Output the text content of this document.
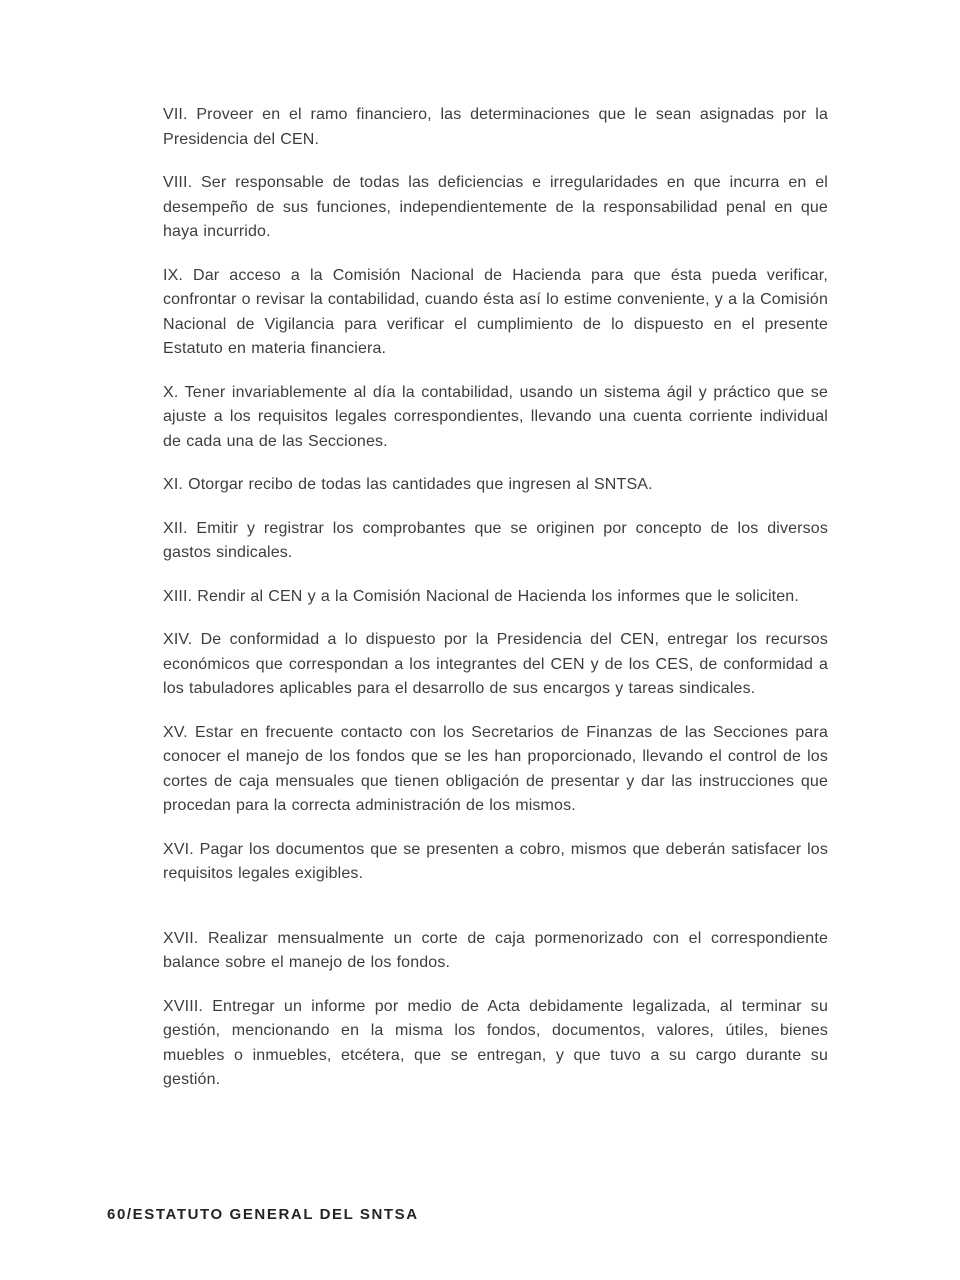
VII. Proveer en el ramo financiero, las determinaciones que le sean asignadas por la Presidencia del CEN.

VIII. Ser responsable de todas las deficiencias e irregularidades en que incurra en el desempeño de sus funciones, independientemente de la responsabilidad penal en que haya incurrido.

IX. Dar acceso a la Comisión Nacional de Hacienda para que ésta pueda verificar, confrontar o revisar la contabilidad, cuando ésta así lo estime conveniente, y a la Comisión Nacional de Vigilancia para verificar el cumplimiento de lo dispuesto en el presente Estatuto en materia financiera.

X. Tener invariablemente al día la contabilidad, usando un sistema ágil y práctico que se ajuste a los requisitos legales correspondientes, llevando una cuenta corriente individual de cada una de las Secciones.

XI. Otorgar recibo de todas las cantidades que ingresen al SNTSA.

XII. Emitir y registrar los comprobantes que se originen por concepto de los diversos gastos sindicales.

XIII. Rendir al CEN y a la Comisión Nacional de Hacienda los informes que le soliciten.

XIV. De conformidad a lo dispuesto por la Presidencia del CEN, entregar los recursos económicos que correspondan a los integrantes del CEN y de los CES, de conformidad a los tabuladores aplicables para el desarrollo de sus encargos y tareas sindicales.

XV. Estar en frecuente contacto con los Secretarios de Finanzas de las Secciones para conocer el manejo de los fondos que se les han proporcionado, llevando el control de los cortes de caja mensuales que tienen obligación de presentar y dar las instrucciones que procedan para la correcta administración de los mismos.

XVI. Pagar los documentos que se presenten a cobro, mismos que deberán satisfacer los requisitos legales exigibles.

XVII. Realizar mensualmente un corte de caja pormenorizado con el correspondiente balance sobre el manejo de los fondos.

XVIII. Entregar un informe por medio de Acta debidamente legalizada, al terminar su gestión, mencionando en la misma los fondos, documentos, valores, útiles, bienes muebles o inmuebles, etcétera, que se entregan, y que tuvo a su cargo durante su gestión.

60/ESTATUTO GENERAL DEL SNTSA
